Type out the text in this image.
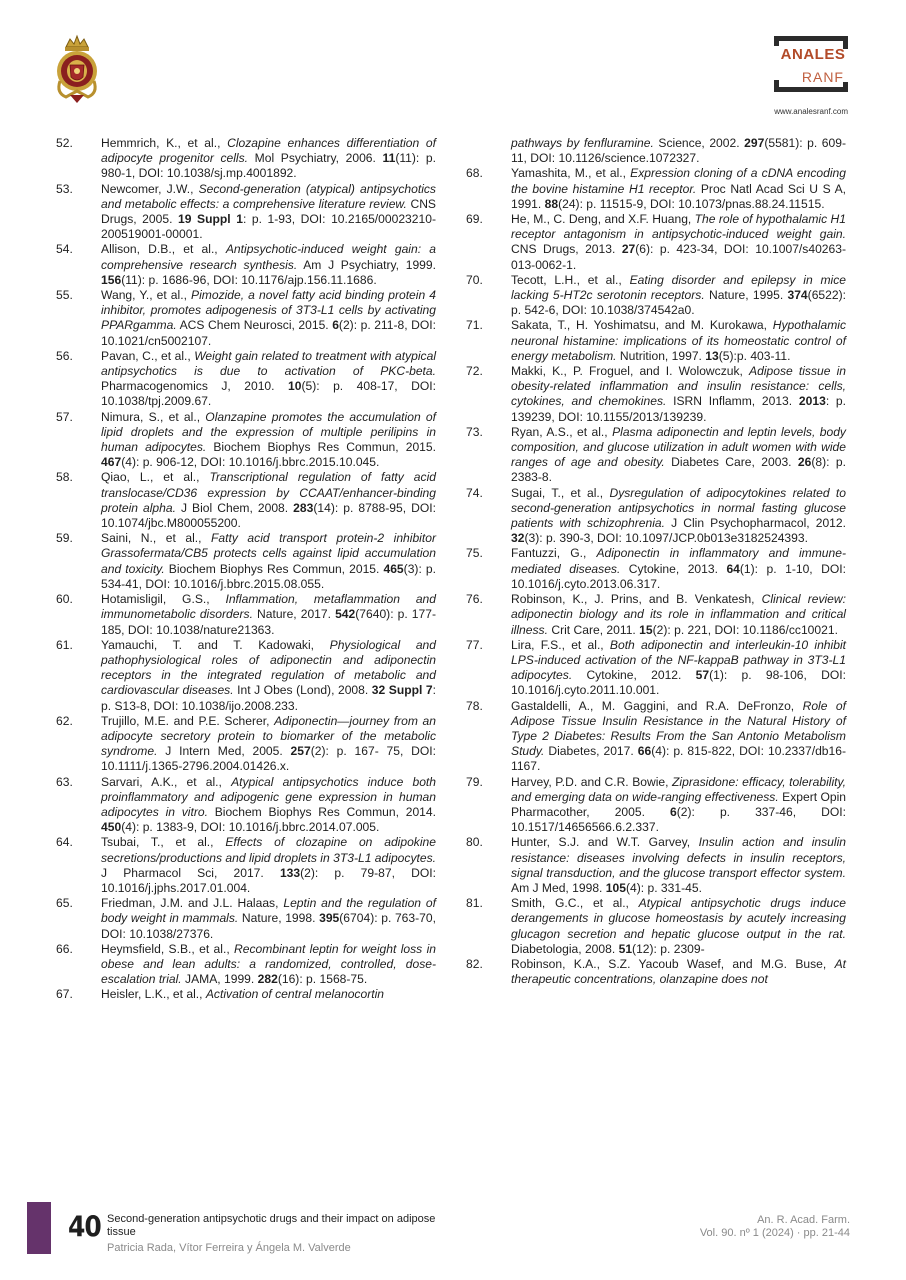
ANALES
RANF
www.analesranf.com

52. Hemmrich, K., et al., Clozapine enhances differentiation of adipocyte progenitor cells. Mol Psychiatry, 2006. 11(11): p. 980-1, DOI: 10.1038/sj.mp.4001892.

53. Newcomer, J.W., Second-generation (atypical) antipsychotics and metabolic effects: a comprehensive literature review. CNS Drugs, 2005. 19 Suppl 1: p. 1-93, DOI: 10.2165/00023210-200519001-00001.

54. Allison, D.B., et al., Antipsychotic-induced weight gain: a comprehensive research synthesis. Am J Psychiatry, 1999. 156(11): p. 1686-96, DOI: 10.1176/ajp.156.11.1686.

55. Wang, Y., et al., Pimozide, a novel fatty acid binding protein 4 inhibitor, promotes adipogenesis of 3T3-L1 cells by activating PPARgamma. ACS Chem Neurosci, 2015. 6(2): p. 211-8, DOI: 10.1021/cn5002107.

56. Pavan, C., et al., Weight gain related to treatment with atypical antipsychotics is due to activation of PKC-beta. Pharmacogenomics J, 2010. 10(5): p. 408-17, DOI: 10.1038/tpj.2009.67.

57. Nimura, S., et al., Olanzapine promotes the accumulation of lipid droplets and the expression of multiple perilipins in human adipocytes. Biochem Biophys Res Commun, 2015. 467(4): p. 906-12, DOI: 10.1016/j.bbrc.2015.10.045.

58. Qiao, L., et al., Transcriptional regulation of fatty acid translocase/CD36 expression by CCAAT/enhancer-binding protein alpha. J Biol Chem, 2008. 283(14): p. 8788-95, DOI: 10.1074/jbc.M800055200.

59. Saini, N., et al., Fatty acid transport protein-2 inhibitor Grassofermata/CB5 protects cells against lipid accumulation and toxicity. Biochem Biophys Res Commun, 2015. 465(3): p. 534-41, DOI: 10.1016/j.bbrc.2015.08.055.

60. Hotamisligil, G.S., Inflammation, metaflammation and immunometabolic disorders. Nature, 2017. 542(7640): p. 177-185, DOI: 10.1038/nature21363.

61. Yamauchi, T. and T. Kadowaki, Physiological and pathophysiological roles of adiponectin and adiponectin receptors in the integrated regulation of metabolic and cardiovascular diseases. Int J Obes (Lond), 2008. 32 Suppl 7: p. S13-8, DOI: 10.1038/ijo.2008.233.

62. Trujillo, M.E. and P.E. Scherer, Adiponectin—journey from an adipocyte secretory protein to biomarker of the metabolic syndrome. J Intern Med, 2005. 257(2): p. 167- 75, DOI: 10.1111/j.1365-2796.2004.01426.x.

63. Sarvari, A.K., et al., Atypical antipsychotics induce both proinflammatory and adipogenic gene expression in human adipocytes in vitro. Biochem Biophys Res Commun, 2014. 450(4): p. 1383-9, DOI: 10.1016/j.bbrc.2014.07.005.

64. Tsubai, T., et al., Effects of clozapine on adipokine secretions/productions and lipid droplets in 3T3-L1 adipocytes. J Pharmacol Sci, 2017. 133(2): p. 79-87, DOI: 10.1016/j.jphs.2017.01.004.

65. Friedman, J.M. and J.L. Halaas, Leptin and the regulation of body weight in mammals. Nature, 1998. 395(6704): p. 763-70, DOI: 10.1038/27376.

66. Heymsfield, S.B., et al., Recombinant leptin for weight loss in obese and lean adults: a randomized, controlled, dose-escalation trial. JAMA, 1999. 282(16): p. 1568-75.

67. Heisler, L.K., et al., Activation of central melanocortin

pathways by fenfluramine. Science, 2002. 297(5581): p. 609-11, DOI: 10.1126/science.1072327.

68. Yamashita, M., et al., Expression cloning of a cDNA encoding the bovine histamine H1 receptor. Proc Natl Acad Sci U S A, 1991. 88(24): p. 11515-9, DOI: 10.1073/pnas.88.24.11515.

69. He, M., C. Deng, and X.F. Huang, The role of hypothalamic H1 receptor antagonism in antipsychotic-induced weight gain. CNS Drugs, 2013. 27(6): p. 423-34, DOI: 10.1007/s40263-013-0062-1.

70. Tecott, L.H., et al., Eating disorder and epilepsy in mice lacking 5-HT2c serotonin receptors. Nature, 1995. 374(6522): p. 542-6, DOI: 10.1038/374542a0.

71. Sakata, T., H. Yoshimatsu, and M. Kurokawa, Hypothalamic neuronal histamine: implications of its homeostatic control of energy metabolism. Nutrition, 1997. 13(5):p. 403-11.

72. Makki, K., P. Froguel, and I. Wolowczuk, Adipose tissue in obesity-related inflammation and insulin resistance: cells, cytokines, and chemokines. ISRN Inflamm, 2013. 2013: p. 139239, DOI: 10.1155/2013/139239.

73. Ryan, A.S., et al., Plasma adiponectin and leptin levels, body composition, and glucose utilization in adult women with wide ranges of age and obesity. Diabetes Care, 2003. 26(8): p. 2383-8.

74. Sugai, T., et al., Dysregulation of adipocytokines related to second-generation antipsychotics in normal fasting glucose patients with schizophrenia. J Clin Psychopharmacol, 2012. 32(3): p. 390-3, DOI: 10.1097/JCP.0b013e3182524393.

75. Fantuzzi, G., Adiponectin in inflammatory and immune-mediated diseases. Cytokine, 2013. 64(1): p. 1-10, DOI: 10.1016/j.cyto.2013.06.317.

76. Robinson, K., J. Prins, and B. Venkatesh, Clinical review: adiponectin biology and its role in inflammation and critical illness. Crit Care, 2011. 15(2): p. 221, DOI: 10.1186/cc10021.

77. Lira, F.S., et al., Both adiponectin and interleukin-10 inhibit LPS-induced activation of the NF-kappaB pathway in 3T3-L1 adipocytes. Cytokine, 2012. 57(1): p. 98-106, DOI: 10.1016/j.cyto.2011.10.001.

78. Gastaldelli, A., M. Gaggini, and R.A. DeFronzo, Role of Adipose Tissue Insulin Resistance in the Natural History of Type 2 Diabetes: Results From the San Antonio Metabolism Study. Diabetes, 2017. 66(4): p. 815-822, DOI: 10.2337/db16-1167.

79. Harvey, P.D. and C.R. Bowie, Ziprasidone: efficacy, tolerability, and emerging data on wide-ranging effectiveness. Expert Opin Pharmacother, 2005. 6(2): p. 337-46, DOI: 10.1517/14656566.6.2.337.

80. Hunter, S.J. and W.T. Garvey, Insulin action and insulin resistance: diseases involving defects in insulin receptors, signal transduction, and the glucose transport effector system. Am J Med, 1998. 105(4): p. 331-45.

81. Smith, G.C., et al., Atypical antipsychotic drugs induce derangements in glucose homeostasis by acutely increasing glucagon secretion and hepatic glucose output in the rat. Diabetologia, 2008. 51(12): p. 2309-

82. Robinson, K.A., S.Z. Yacoub Wasef, and M.G. Buse, At therapeutic concentrations, olanzapine does not

40 Second-generation antipsychotic drugs and their impact on adipose tissue
Patricia Rada, Vítor Ferreira y Ángela M. Valverde
An. R. Acad. Farm.
Vol. 90. nº 1 (2024) · pp. 21-44
